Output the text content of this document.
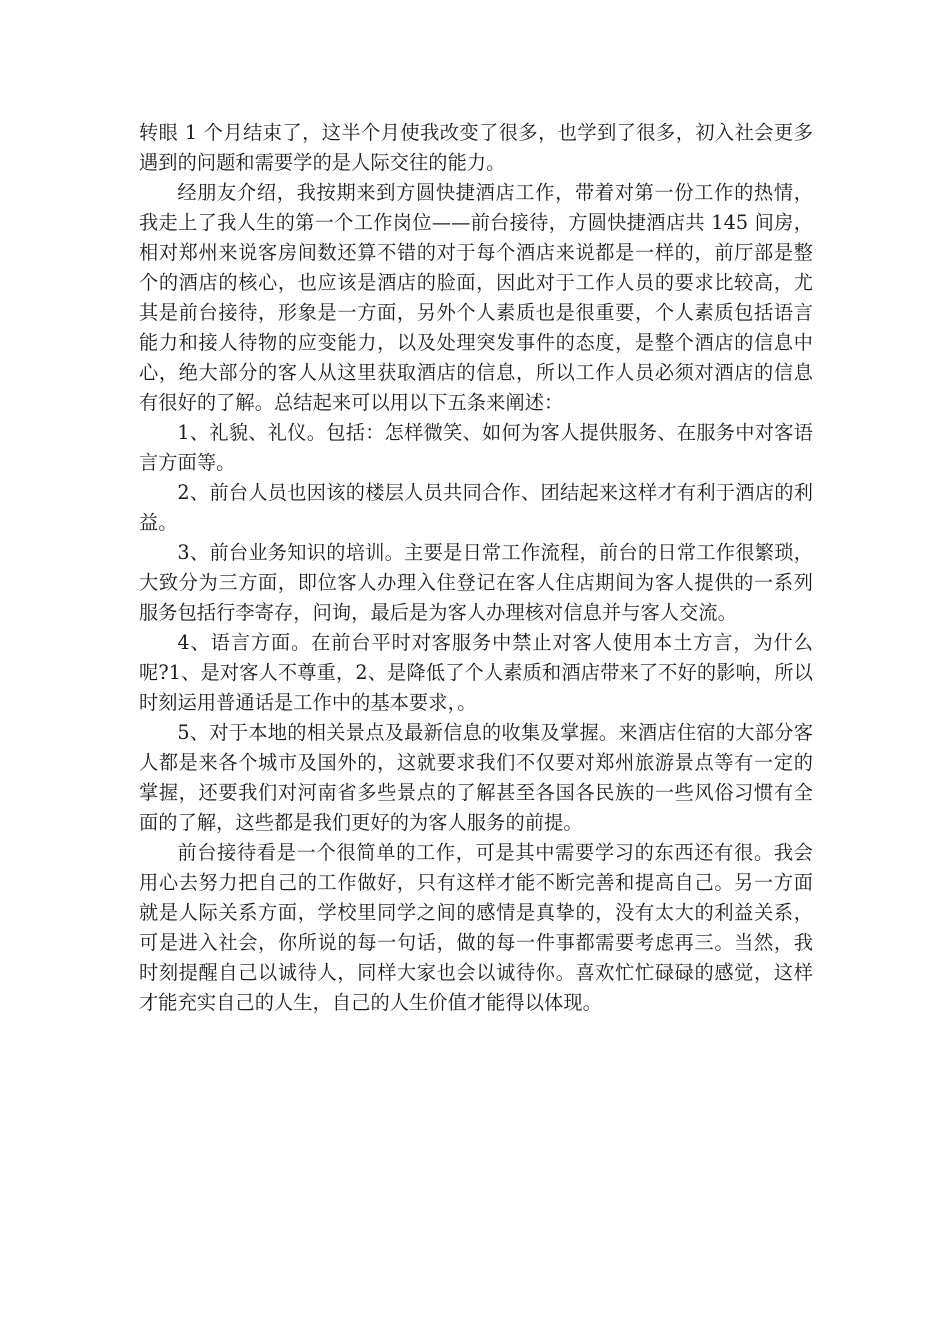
转眼 1 个月结束了，这半个月使我改变了很多，也学到了很多，初入社会更多遇到的问题和需要学的是人际交往的能力。

经朋友介绍，我按期来到方圆快捷酒店工作，带着对第一份工作的热情，我走上了我人生的第一个工作岗位——前台接待，方圆快捷酒店共 145 间房，相对郑州来说客房间数还算不错的对于每个酒店来说都是一样的，前厅部是整个的酒店的核心，也应该是酒店的脸面，因此对于工作人员的要求比较高，尤其是前台接待，形象是一方面，另外个人素质也是很重要，个人素质包括语言能力和接人待物的应变能力，以及处理突发事件的态度，是整个酒店的信息中心，绝大部分的客人从这里获取酒店的信息，所以工作人员必须对酒店的信息有很好的了解。总结起来可以用以下五条来阐述：

1、礼貌、礼仪。包括：怎样微笑、如何为客人提供服务、在服务中对客语言方面等。

2、前台人员也因该的楼层人员共同合作、团结起来这样才有利于酒店的利益。

3、前台业务知识的培训。主要是日常工作流程，前台的日常工作很繁琐，大致分为三方面，即位客人办理入住登记在客人住店期间为客人提供的一系列服务包括行李寄存，问询，最后是为客人办理核对信息并与客人交流。

4、语言方面。在前台平时对客服务中禁止对客人使用本土方言，为什么呢?1、是对客人不尊重，2、是降低了个人素质和酒店带来了不好的影响，所以时刻运用普通话是工作中的基本要求，。

5、对于本地的相关景点及最新信息的收集及掌握。来酒店住宿的大部分客人都是来各个城市及国外的，这就要求我们不仅要对郑州旅游景点等有一定的掌握，还要我们对河南省多些景点的了解甚至各国各民族的一些风俗习惯有全面的了解，这些都是我们更好的为客人服务的前提。

前台接待看是一个很简单的工作，可是其中需要学习的东西还有很。我会用心去努力把自己的工作做好，只有这样才能不断完善和提高自己。另一方面就是人际关系方面，学校里同学之间的感情是真挚的，没有太大的利益关系，可是进入社会，你所说的每一句话，做的每一件事都需要考虑再三。当然，我时刻提醒自己以诚待人，同样大家也会以诚待你。喜欢忙忙碌碌的感觉，这样才能充实自己的人生，自己的人生价值才能得以体现。
